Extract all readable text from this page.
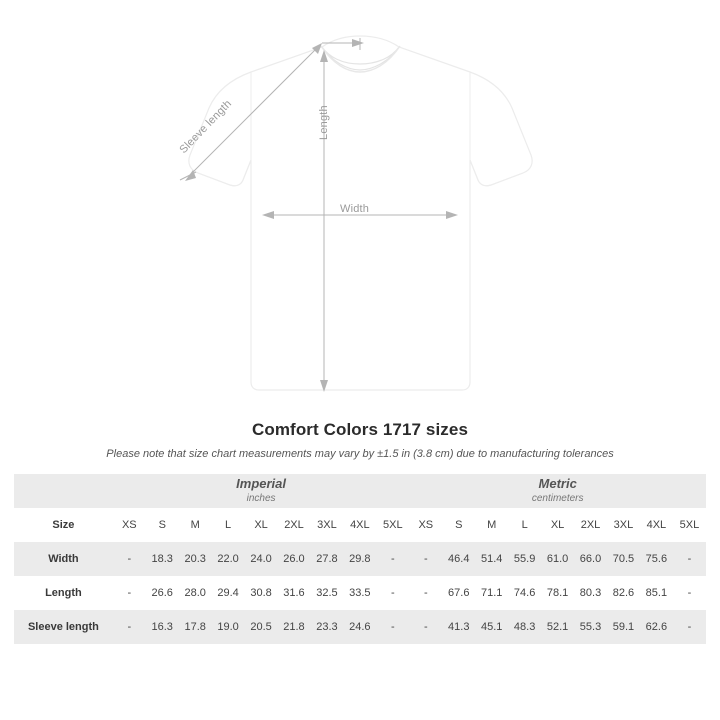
Length
Width
Sleeve length
Comfort Colors 1717 sizes

Please note that size chart measurements may vary by ±1.5 in (3.8 cm) due to manufacturing tolerances

	Imperial
inches									Metric
centimeters								

Size	XS	S	M	L	XL	2XL	3XL	4XL	5XL	XS	S	M	L	XL	2XL	3XL	4XL	5XL
Width	-	18.3	20.3	22.0	24.0	26.0	27.8	29.8	-	-	46.4	51.4	55.9	61.0	66.0	70.5	75.6	-
Length	-	26.6	28.0	29.4	30.8	31.6	32.5	33.5	-	-	67.6	71.1	74.6	78.1	80.3	82.6	85.1	-
Sleeve length	-	16.3	17.8	19.0	20.5	21.8	23.3	24.6	-	-	41.3	45.1	48.3	52.1	55.3	59.1	62.6	-
